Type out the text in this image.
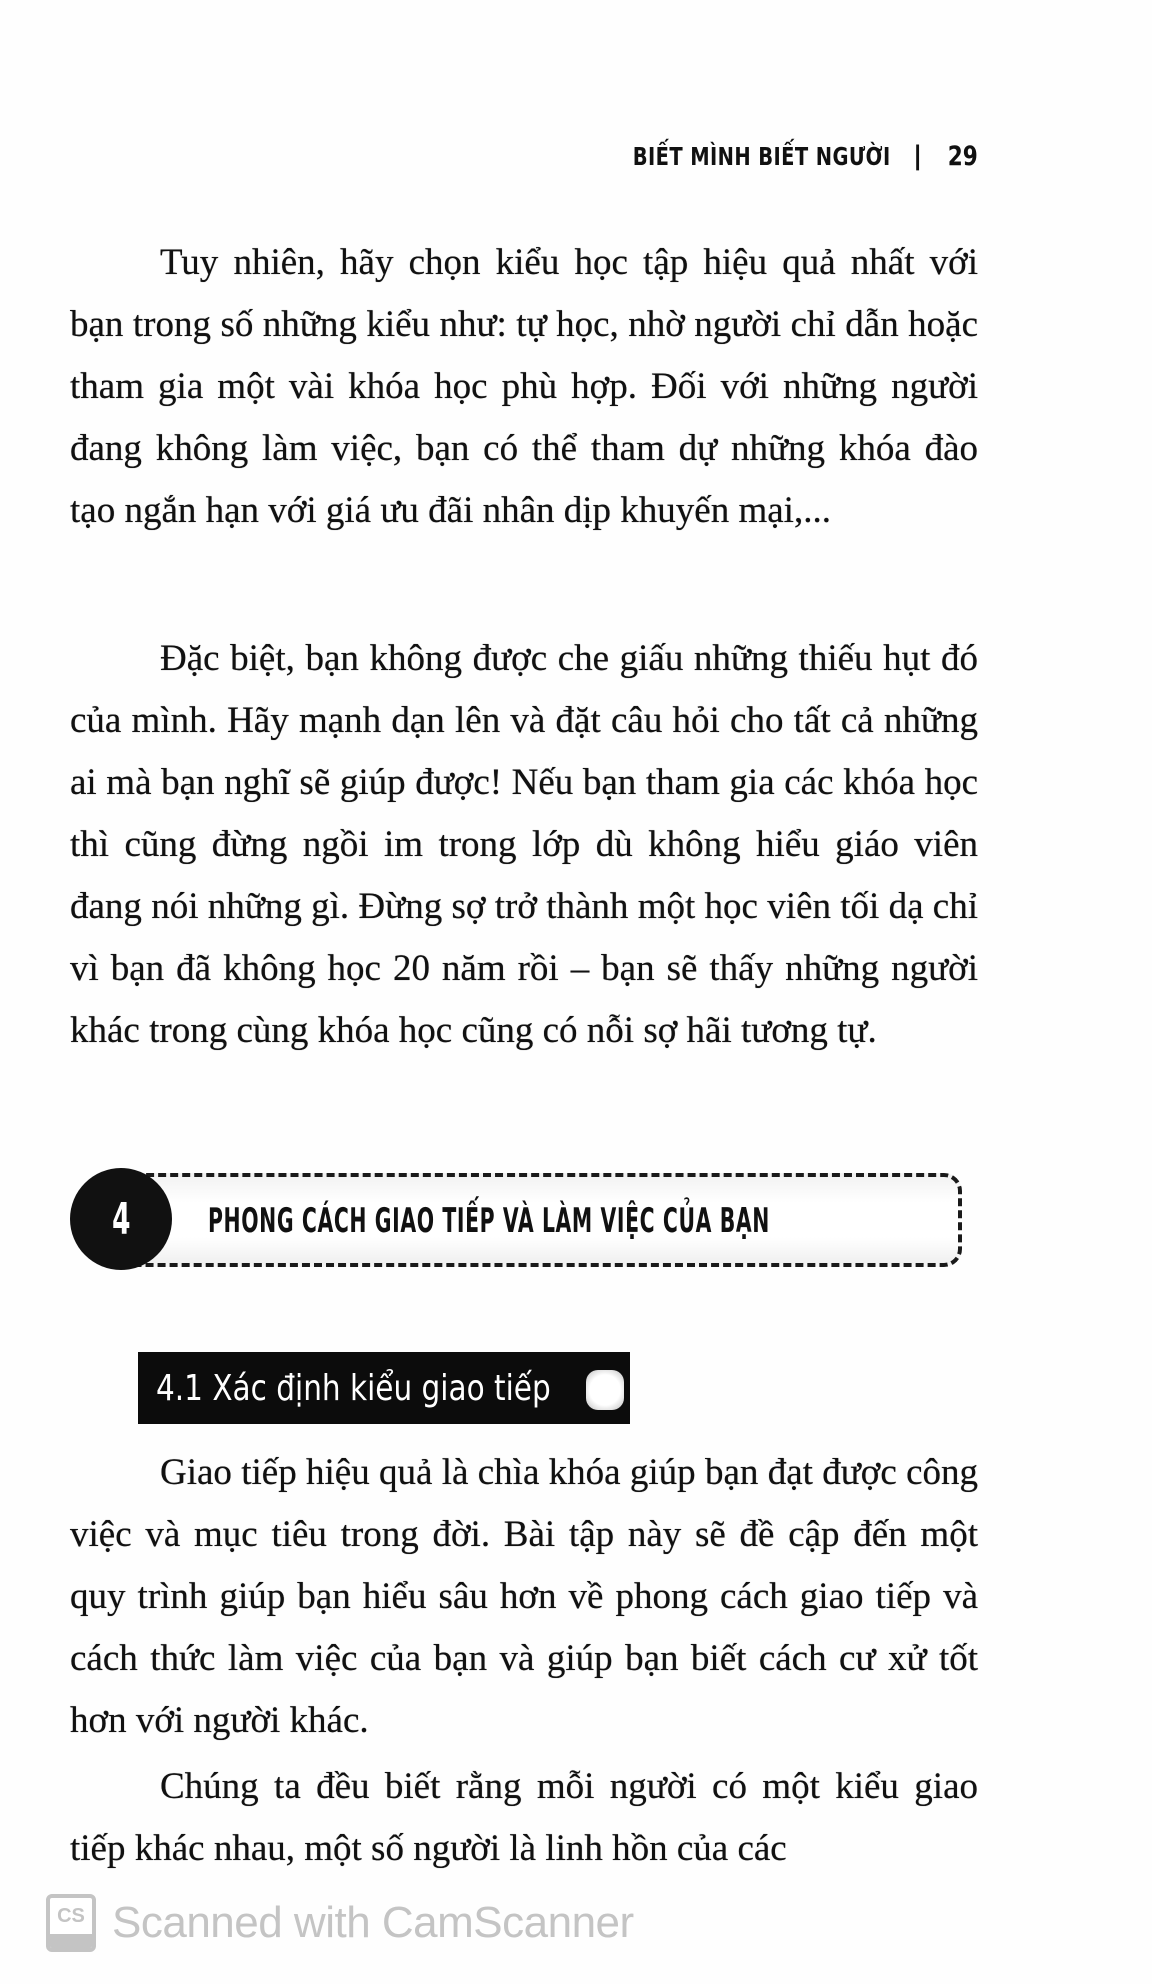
BIẾT MÌNH BIẾT NGƯỜI | 29

Tuy nhiên, hãy chọn kiểu học tập hiệu quả nhất với bạn trong số những kiểu như: tự học, nhờ người chỉ dẫn hoặc tham gia một vài khóa học phù hợp. Đối với những người đang không làm việc, bạn có thể tham dự những khóa đào tạo ngắn hạn với giá ưu đãi nhân dịp khuyến mại,...

Đặc biệt, bạn không được che giấu những thiếu hụt đó của mình. Hãy mạnh dạn lên và đặt câu hỏi cho tất cả những ai mà bạn nghĩ sẽ giúp được! Nếu bạn tham gia các khóa học thì cũng đừng ngồi im trong lớp dù không hiểu giáo viên đang nói những gì. Đừng sợ trở thành một học viên tối dạ chỉ vì bạn đã không học 20 năm rồi – bạn sẽ thấy những người khác trong cùng khóa học cũng có nỗi sợ hãi tương tự.

4 PHONG CÁCH GIAO TIẾP VÀ LÀM VIỆC CỦA BẠN
4.1 Xác định kiểu giao tiếp

Giao tiếp hiệu quả là chìa khóa giúp bạn đạt được công việc và mục tiêu trong đời. Bài tập này sẽ đề cập đến một quy trình giúp bạn hiểu sâu hơn về phong cách giao tiếp và cách thức làm việc của bạn và giúp bạn biết cách cư xử tốt hơn với người khác.

Chúng ta đều biết rằng mỗi người có một kiểu giao tiếp khác nhau, một số người là linh hồn của các

CS Scanned with CamScanner
